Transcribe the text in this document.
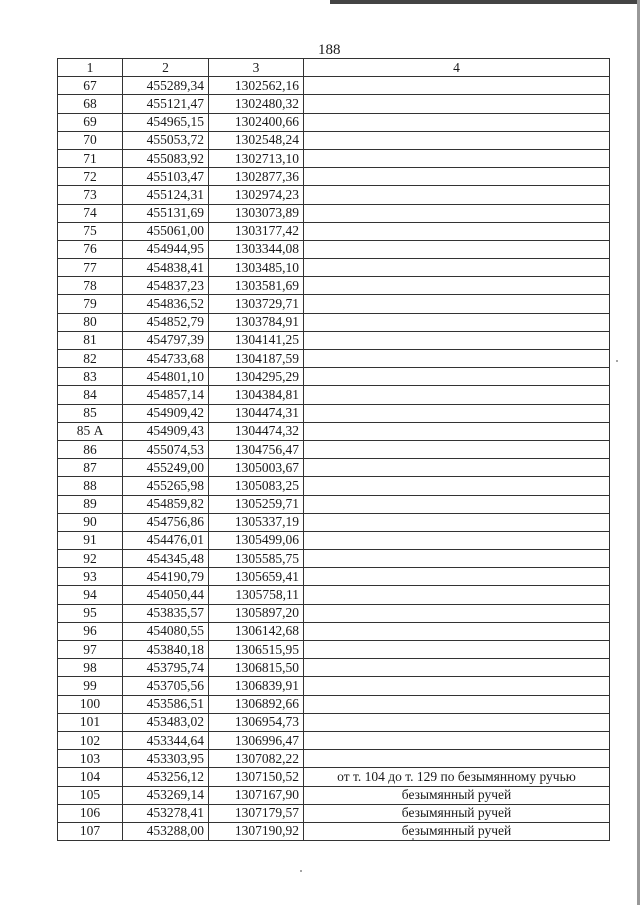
188
1	2	3	4
67	455289,34	1302562,16	
68	455121,47	1302480,32	
69	454965,15	1302400,66	
70	455053,72	1302548,24	
71	455083,92	1302713,10	
72	455103,47	1302877,36	
73	455124,31	1302974,23	
74	455131,69	1303073,89	
75	455061,00	1303177,42	
76	454944,95	1303344,08	
77	454838,41	1303485,10	
78	454837,23	1303581,69	
79	454836,52	1303729,71	
80	454852,79	1303784,91	
81	454797,39	1304141,25	
82	454733,68	1304187,59	
83	454801,10	1304295,29	
84	454857,14	1304384,81	
85	454909,42	1304474,31	
85 А	454909,43	1304474,32	
86	455074,53	1304756,47	
87	455249,00	1305003,67	
88	455265,98	1305083,25	
89	454859,82	1305259,71	
90	454756,86	1305337,19	
91	454476,01	1305499,06	
92	454345,48	1305585,75	
93	454190,79	1305659,41	
94	454050,44	1305758,11	
95	453835,57	1305897,20	
96	454080,55	1306142,68	
97	453840,18	1306515,95	
98	453795,74	1306815,50	
99	453705,56	1306839,91	
100	453586,51	1306892,66	
101	453483,02	1306954,73	
102	453344,64	1306996,47	
103	453303,95	1307082,22	
104	453256,12	1307150,52	от т. 104 до т. 129 по безымянному ручью
105	453269,14	1307167,90	безымянный ручей
106	453278,41	1307179,57	безымянный ручей
107	453288,00	1307190,92	безымянный ручей
